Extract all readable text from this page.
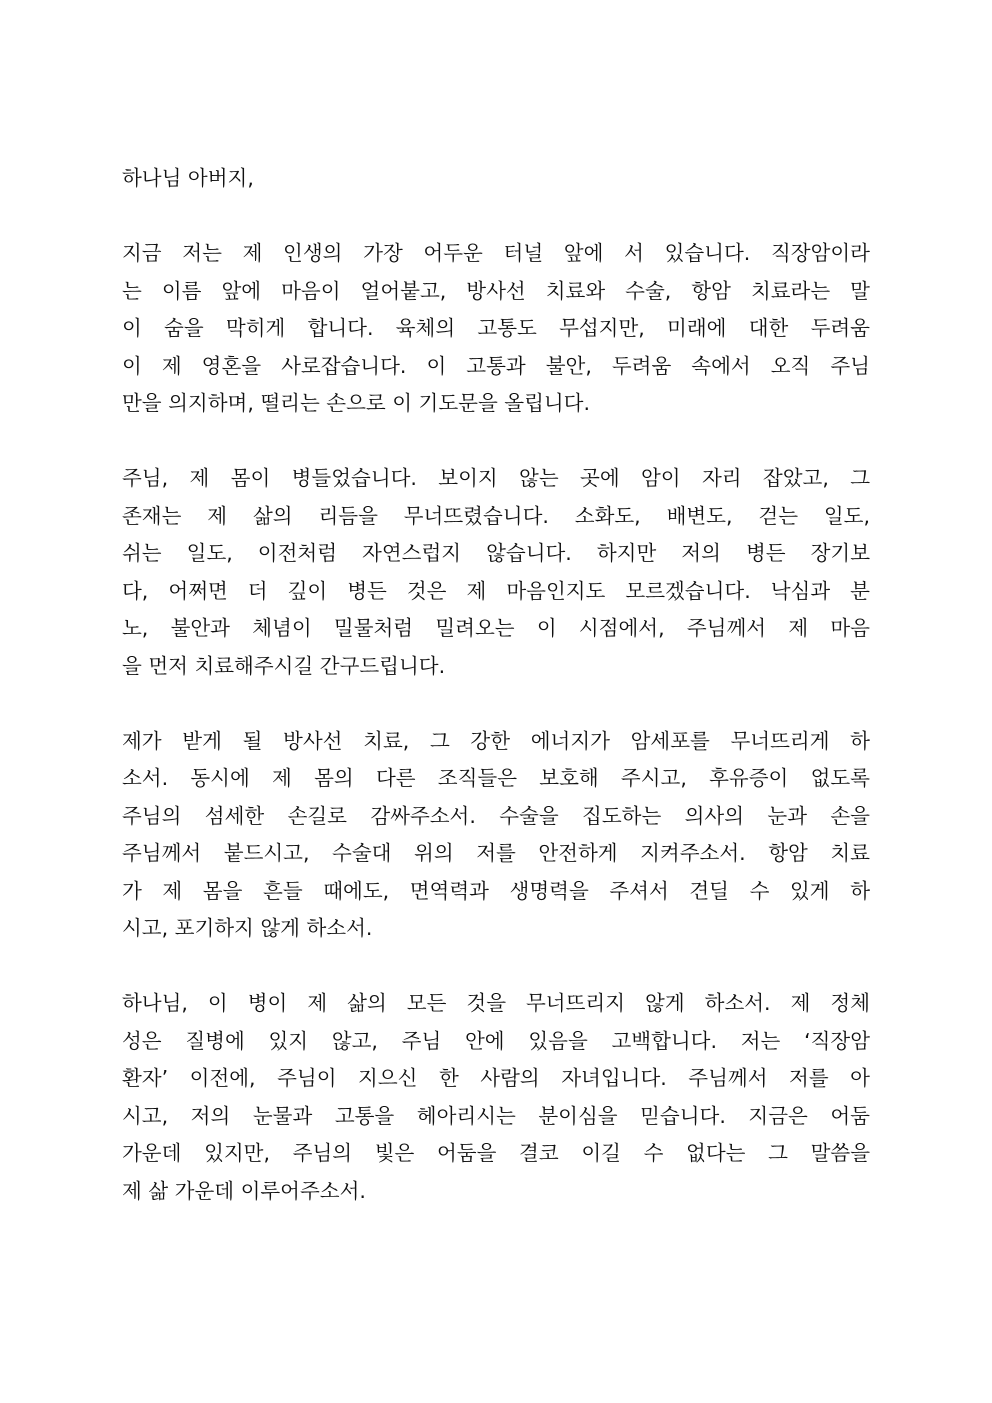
하나님 아버지,
지금 저는 제 인생의 가장 어두운 터널 앞에 서 있습니다. 직장암이라
는 이름 앞에 마음이 얼어붙고, 방사선 치료와 수술, 항암 치료라는 말
이 숨을 막히게 합니다. 육체의 고통도 무섭지만, 미래에 대한 두려움
이 제 영혼을 사로잡습니다. 이 고통과 불안, 두려움 속에서 오직 주님
만을 의지하며, 떨리는 손으로 이 기도문을 올립니다.
주님, 제 몸이 병들었습니다. 보이지 않는 곳에 암이 자리 잡았고, 그
존재는 제 삶의 리듬을 무너뜨렸습니다. 소화도, 배변도, 걷는 일도,
쉬는 일도, 이전처럼 자연스럽지 않습니다. 하지만 저의 병든 장기보
다, 어쩌면 더 깊이 병든 것은 제 마음인지도 모르겠습니다. 낙심과 분
노, 불안과 체념이 밀물처럼 밀려오는 이 시점에서, 주님께서 제 마음
을 먼저 치료해주시길 간구드립니다.
제가 받게 될 방사선 치료, 그 강한 에너지가 암세포를 무너뜨리게 하
소서. 동시에 제 몸의 다른 조직들은 보호해 주시고, 후유증이 없도록
주님의 섬세한 손길로 감싸주소서. 수술을 집도하는 의사의 눈과 손을
주님께서 붙드시고, 수술대 위의 저를 안전하게 지켜주소서. 항암 치료
가 제 몸을 흔들 때에도, 면역력과 생명력을 주셔서 견딜 수 있게 하
시고, 포기하지 않게 하소서.
하나님, 이 병이 제 삶의 모든 것을 무너뜨리지 않게 하소서. 제 정체
성은 질병에 있지 않고, 주님 안에 있음을 고백합니다. 저는 ‘직장암
환자’ 이전에, 주님이 지으신 한 사람의 자녀입니다. 주님께서 저를 아
시고, 저의 눈물과 고통을 헤아리시는 분이심을 믿습니다. 지금은 어둠
가운데 있지만, 주님의 빛은 어둠을 결코 이길 수 없다는 그 말씀을
제 삶 가운데 이루어주소서.
